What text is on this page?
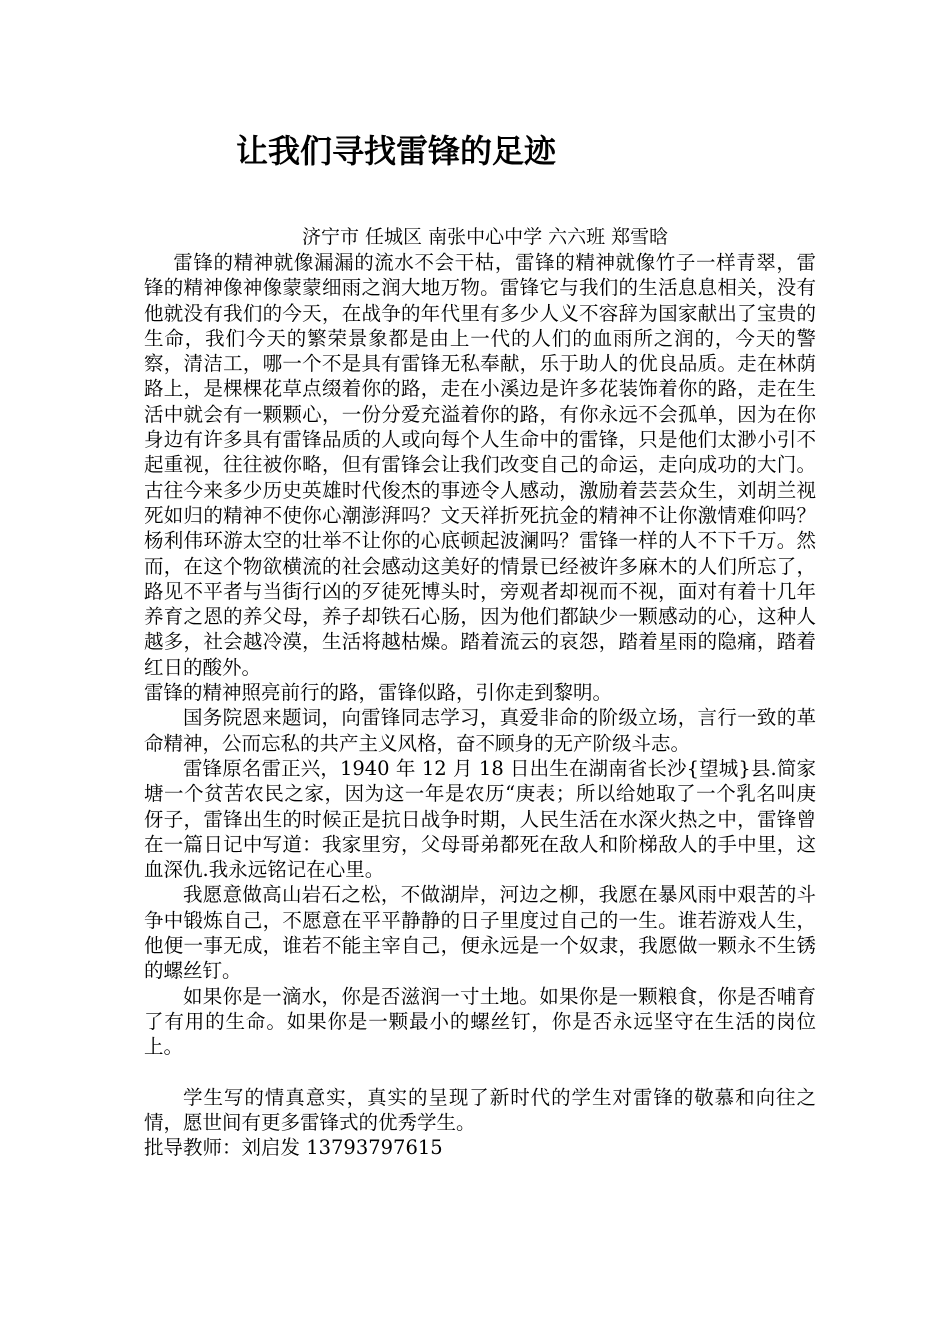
让我们寻找雷锋的足迹
济宁市 任城区 南张中心中学 六六班 郑雪晗

雷锋的精神就像漏漏的流水不会干枯，雷锋的精神就像竹子一样青翠，雷锋的精神像神像蒙蒙细雨之润大地万物。雷锋它与我们的生活息息相关，没有他就没有我们的今天，在战争的年代里有多少人义不容辞为国家献出了宝贵的生命，我们今天的繁荣景象都是由上一代的人们的血雨所之润的，今天的警察，清洁工，哪一个不是具有雷锋无私奉献，乐于助人的优良品质。走在林荫路上，是棵棵花草点缀着你的路，走在小溪边是许多花装饰着你的路，走在生活中就会有一颗颗心，一份分爱充溢着你的路，有你永远不会孤单，因为在你身边有许多具有雷锋品质的人或向每个人生命中的雷锋，只是他们太渺小引不起重视，往往被你略，但有雷锋会让我们改变自己的命运，走向成功的大门。古往今来多少历史英雄时代俊杰的事迹令人感动，激励着芸芸众生，刘胡兰视死如归的精神不使你心潮澎湃吗？文天祥折死抗金的精神不让你激情难仰吗？杨利伟环游太空的壮举不让你的心底顿起波澜吗？雷锋一样的人不下千万。然而，在这个物欲横流的社会感动这美好的情景已经被许多麻木的人们所忘了，路见不平者与当街行凶的歹徒死博头时，旁观者却视而不视，面对有着十几年养育之恩的养父母，养子却铁石心肠，因为他们都缺少一颗感动的心，这种人越多，社会越冷漠，生活将越枯燥。踏着流云的哀怨，踏着星雨的隐痛，踏着红日的酸外。

雷锋的精神照亮前行的路，雷锋似路，引你走到黎明。

国务院恩来题词，向雷锋同志学习，真爱非命的阶级立场，言行一致的革命精神，公而忘私的共产主义风格，奋不顾身的无产阶级斗志。

雷锋原名雷正兴，1940 年 12 月 18 日出生在湖南省长沙{望城}县.简家塘一个贫苦农民之家，因为这一年是农历“庚表；所以给她取了一个乳名叫庚伢子，雷锋出生的时候正是抗日战争时期，人民生活在水深火热之中，雷锋曾在一篇日记中写道：我家里穷，父母哥弟都死在敌人和阶梯敌人的手中里，这血深仇.我永远铭记在心里。

我愿意做高山岩石之松，不做湖岸，河边之柳，我愿在暴风雨中艰苦的斗争中锻炼自己，不愿意在平平静静的日子里度过自己的一生。谁若游戏人生，他便一事无成，谁若不能主宰自己，便永远是一个奴隶，我愿做一颗永不生锈的螺丝钉。

如果你是一滴水，你是否滋润一寸土地。如果你是一颗粮食，你是否哺育了有用的生命。如果你是一颗最小的螺丝钉，你是否永远坚守在生活的岗位上。

学生写的情真意实，真实的呈现了新时代的学生对雷锋的敬慕和向往之情，愿世间有更多雷锋式的优秀学生。

批导教师：刘启发 13793797615
